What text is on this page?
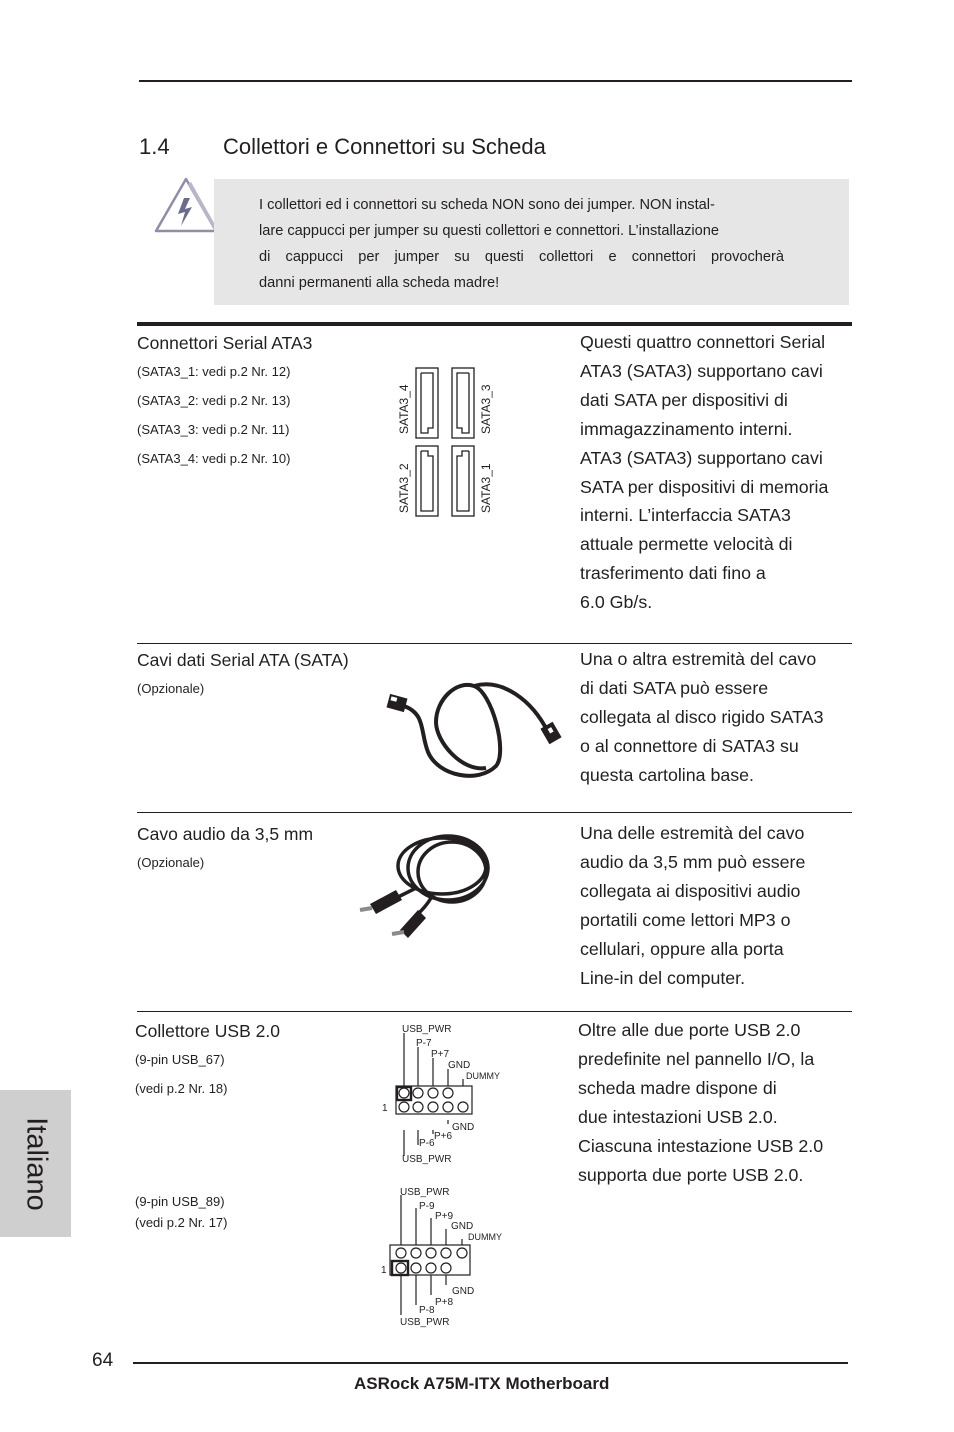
1.4 Collettori e Connettori su Scheda
I collettori ed i connettori su scheda NON sono dei jumper. NON instal-
lare cappucci per jumper su questi collettori e connettori. L’installazione
di cappucci per jumper su questi collettori e connettori provocherà
danni permanenti alla scheda madre!
Connettori Serial ATA3
(SATA3_1: vedi p.2 Nr. 12)
(SATA3_2: vedi p.2 Nr. 13)
(SATA3_3: vedi p.2 Nr. 11)
(SATA3_4: vedi p.2 Nr. 10)
SATA3_4	SATA3_3
SATA3_2	SATA3_1
Questi quattro connettori Serial
ATA3 (SATA3) supportano cavi
dati SATA per dispositivi di
immagazzinamento interni.
ATA3 (SATA3) supportano cavi
SATA per dispositivi di memoria
interni. L’interfaccia SATA3
attuale permette velocità di
trasferimento dati fino a
6.0 Gb/s.
Cavi dati Serial ATA (SATA)
(Opzionale)
Una o altra estremità del cavo
di dati SATA può essere
collegata al disco rigido SATA3
o al connettore di SATA3 su
questa cartolina base.
Cavo audio da 3,5 mm
(Opzionale)
Una delle estremità del cavo
audio da 3,5 mm può essere
collegata ai dispositivi audio
portatili come lettori MP3 o
cellulari, oppure alla porta
Line-in del computer.
Collettore USB 2.0
(9-pin USB_67)
(vedi p.2 Nr. 18)
(9-pin USB_89)
(vedi p.2 Nr. 17)
USB_PWR
P-7
P+7
GND
DUMMY
1
GND
P+6
P-6
USB_PWR
USB_PWR
P-9
P+9
GND
DUMMY
1
GND
P+8
P-8
USB_PWR
Oltre alle due porte USB 2.0
predefinite nel pannello I/O, la
scheda madre dispone di
due intestazioni USB 2.0.
Ciascuna intestazione USB 2.0
supporta due porte USB 2.0.
Italiano
64
ASRock A75M-ITX Motherboard
